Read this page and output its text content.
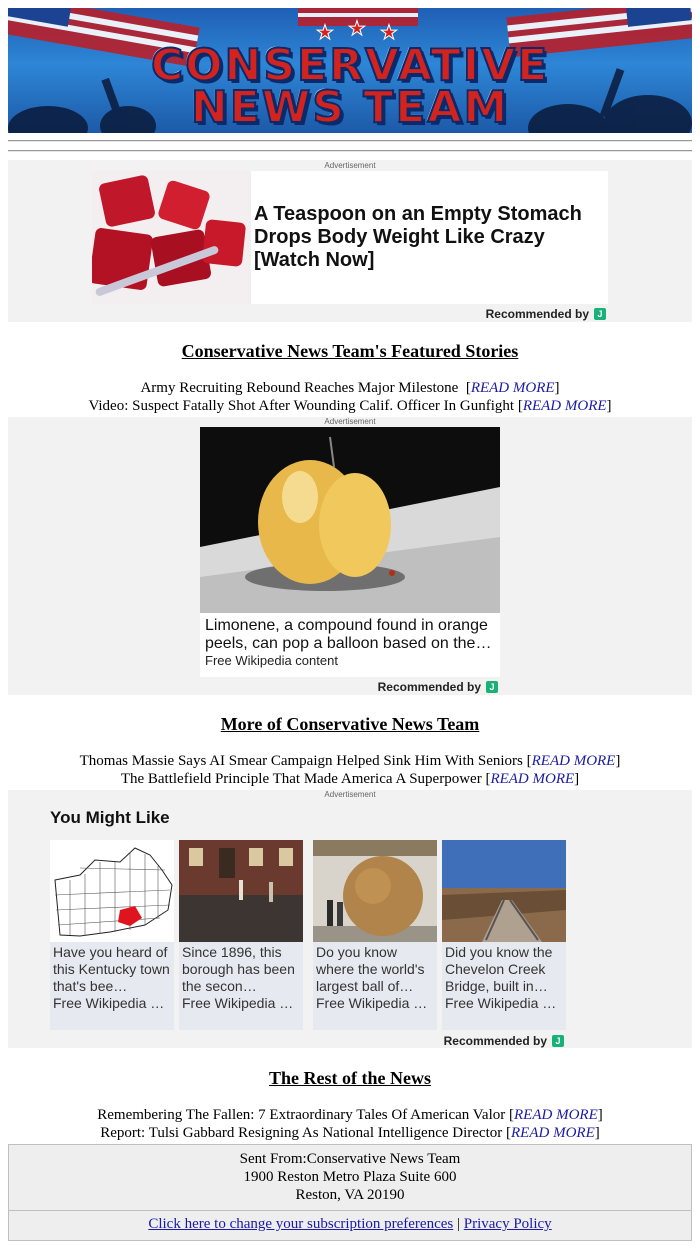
★ ★ ★
CONSERVATIVE
NEWS TEAM
Advertisement
A Teaspoon on an Empty Stomach Drops Body Weight Like Crazy [Watch Now]
Recommended by J
Conservative News Team's Featured Stories
Army Recruiting Rebound Reaches Major Milestone  [READ MORE]
Video: Suspect Fatally Shot After Wounding Calif. Officer In Gunfight [READ MORE]
Advertisement
Limonene, a compound found in orange peels, can pop a balloon based on the…
Free Wikipedia content
Recommended by J
More of Conservative News Team
Thomas Massie Says AI Smear Campaign Helped Sink Him With Seniors [READ MORE]
The Battlefield Principle That Made America A Superpower [READ MORE]
Advertisement
You Might Like
Have you heard of this Kentucky town that's bee…
Free Wikipedia c…
Since 1896, this borough has been the secon…
Free Wikipedia c…
Do you know where the world's largest ball of…
Free Wikipedia c…
Did you know the Chevelon Creek Bridge, built in…
Free Wikipedia c…
Recommended by J
The Rest of the News
Remembering The Fallen: 7 Extraordinary Tales Of American Valor [READ MORE]
Report: Tulsi Gabbard Resigning As National Intelligence Director [READ MORE]
Sent From:Conservative News Team
1900 Reston Metro Plaza Suite 600
Reston, VA 20190
Click here to change your subscription preferences | Privacy Policy
